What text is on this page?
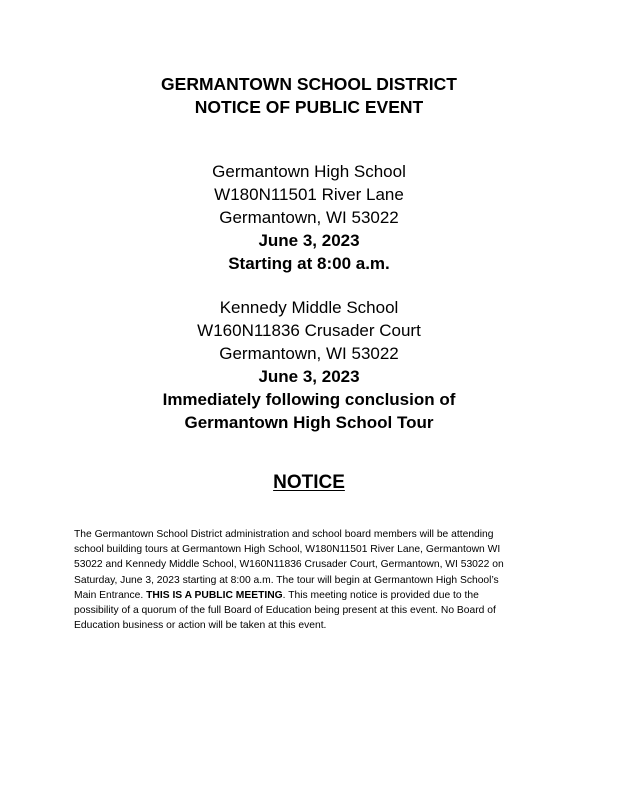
GERMANTOWN SCHOOL DISTRICT
NOTICE OF PUBLIC EVENT
Germantown High School
W180N11501 River Lane
Germantown, WI 53022
June 3, 2023
Starting at 8:00 a.m.
Kennedy Middle School
W160N11836 Crusader Court
Germantown, WI 53022
June 3, 2023
Immediately following conclusion of
Germantown High School Tour
NOTICE
The Germantown School District administration and school board members will be attending
school building tours at Germantown High School, W180N11501 River Lane, Germantown WI
53022 and Kennedy Middle School, W160N11836 Crusader Court, Germantown, WI 53022 on
Saturday, June 3, 2023 starting at 8:00 a.m. The tour will begin at Germantown High School’s
Main Entrance. THIS IS A PUBLIC MEETING. This meeting notice is provided due to the
possibility of a quorum of the full Board of Education being present at this event. No Board of
Education business or action will be taken at this event.
